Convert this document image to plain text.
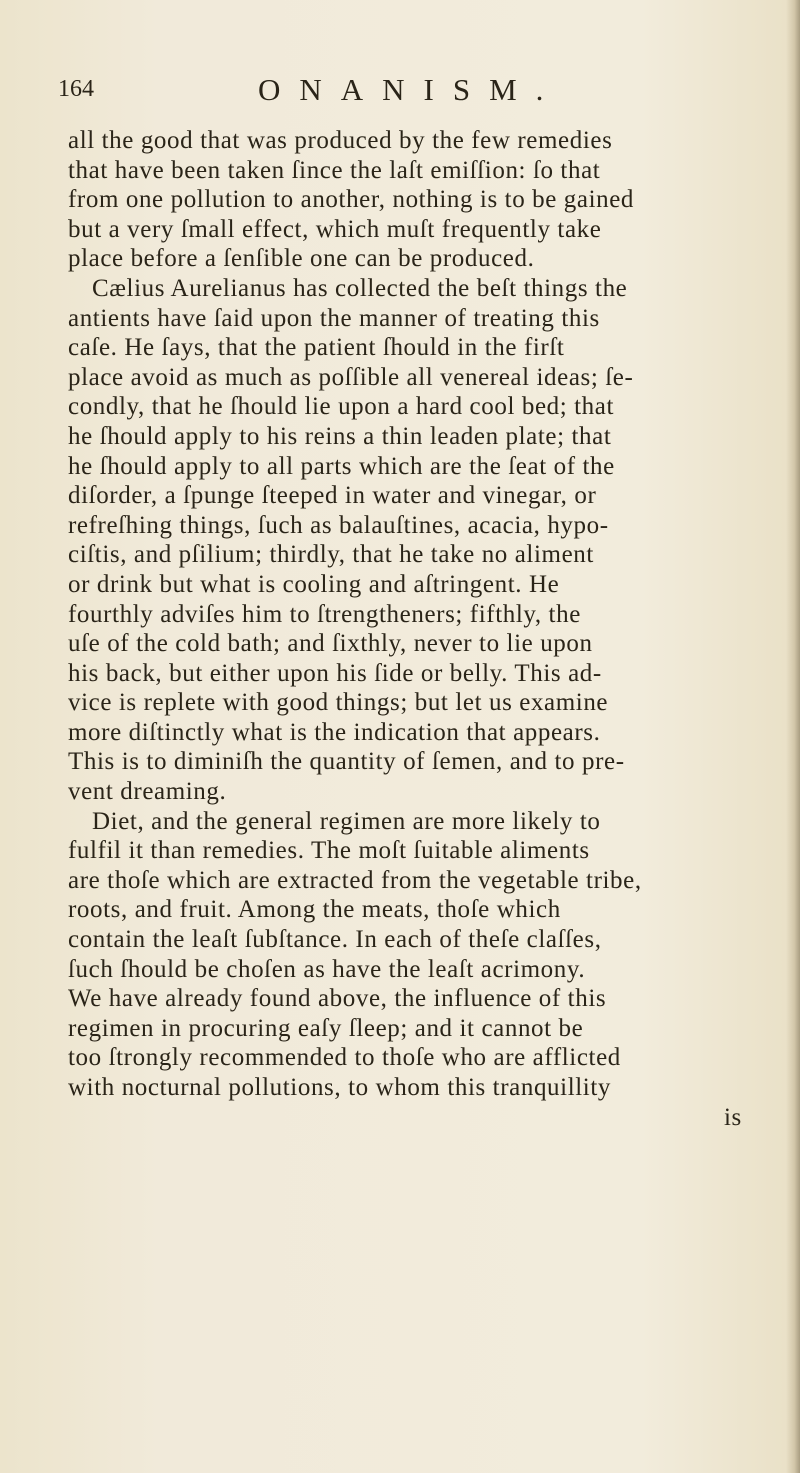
164	ONANISM.
all the good that was produced by the few remedies
that have been taken ſince the laſt emiſſion: ſo that
from one pollution to another, nothing is to be gained
but a very ſmall effect, which muſt frequently take
place before a ſenſible one can be produced.
Cælius Aurelianus has collected the beſt things the
antients have ſaid upon the manner of treating this
caſe. He ſays, that the patient ſhould in the firſt
place avoid as much as poſſible all venereal ideas; ſe-
condly, that he ſhould lie upon a hard cool bed; that
he ſhould apply to his reins a thin leaden plate; that
he ſhould apply to all parts which are the ſeat of the
diſorder, a ſpunge ſteeped in water and vinegar, or
refreſhing things, ſuch as balauſtines, acacia, hypo-
ciſtis, and pſilium; thirdly, that he take no aliment
or drink but what is cooling and aſtringent. He
fourthly adviſes him to ſtrengtheners; fifthly, the
uſe of the cold bath; and ſixthly, never to lie upon
his back, but either upon his ſide or belly. This ad-
vice is replete with good things; but let us examine
more diſtinctly what is the indication that appears.
This is to diminiſh the quantity of ſemen, and to pre-
vent dreaming.
Diet, and the general regimen are more likely to
fulfil it than remedies. The moſt ſuitable aliments
are thoſe which are extracted from the vegetable tribe,
roots, and fruit. Among the meats, thoſe which
contain the leaſt ſubſtance. In each of theſe claſſes,
ſuch ſhould be choſen as have the leaſt acrimony.
We have already found above, the influence of this
regimen in procuring eaſy ſleep; and it cannot be
too ſtrongly recommended to thoſe who are afflicted
with nocturnal pollutions, to whom this tranquillity
is
